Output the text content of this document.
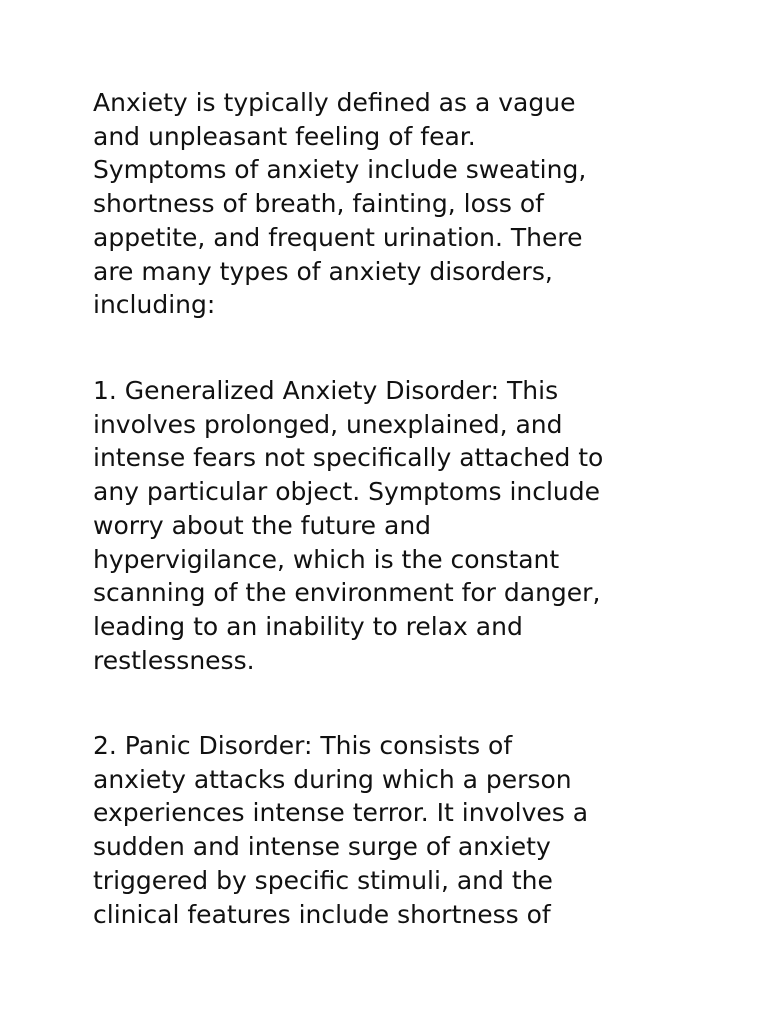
Anxiety is typically defined as a vague
and unpleasant feeling of fear.
Symptoms of anxiety include sweating,
shortness of breath, fainting, loss of
appetite, and frequent urination. There
are many types of anxiety disorders,
including:

1. Generalized Anxiety Disorder: This
involves prolonged, unexplained, and
intense fears not specifically attached to
any particular object. Symptoms include
worry about the future and
hypervigilance, which is the constant
scanning of the environment for danger,
leading to an inability to relax and
restlessness.

2. Panic Disorder: This consists of
anxiety attacks during which a person
experiences intense terror. It involves a
sudden and intense surge of anxiety
triggered by specific stimuli, and the
clinical features include shortness of
